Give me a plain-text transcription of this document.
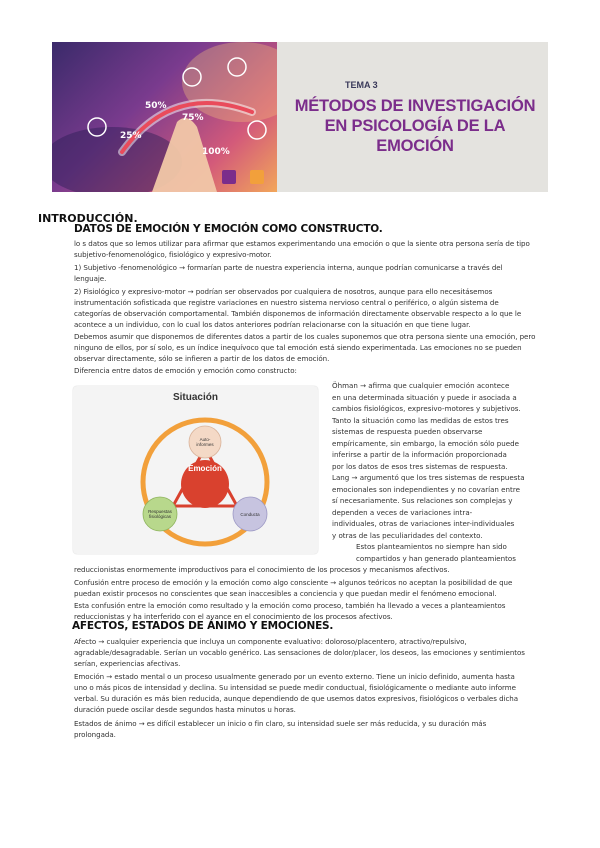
25%
50%
75%
100%
TEMA 3
MÉTODOS DE INVESTIGACIÓN
EN PSICOLOGÍA DE LA
EMOCIÓN
INTRODUCCIÓN.
DATOS DE EMOCIÓN Y EMOCIÓN COMO CONSTRUCTO.
lo s datos que so lemos utilizar para afirmar que estamos experimentando una emoción o que la siente otra persona sería de tipo
subjetivo-fenomenológico, fisiológico y expresivo-motor.
1) Subjetivo -fenomenológico → formarían parte de nuestra experiencia interna, aunque podrían comunicarse a través del
lenguaje.
2) Fisiológico y expresivo-motor → podrían ser observados por cualquiera de nosotros, aunque para ello necesitásemos
instrumentación sofisticada que registre variaciones en nuestro sistema nervioso central o periférico, o algún sistema de
categorías de observación comportamental. También disponemos de información directamente observable respecto a lo que le
acontece a un individuo, con lo cual los datos anteriores podrían relacionarse con la situación en que tiene lugar.
Debemos asumir que disponemos de diferentes datos a partir de los cuales suponemos que otra persona siente una emoción, pero
ninguno de ellos, por sí solo, es un índice inequívoco que tal emoción está siendo experimentada. Las emociones no se pueden
observar directamente, sólo se infieren a partir de los datos de emoción.
Diferencia entre datos de emoción y emoción como constructo:
Situación
Auto-
informes
Respuestas
fisiológicas	Conducta
Emoción
Öhman → afirma que cualquier emoción acontece
en una determinada situación y puede ir asociada a
cambios fisiológicos, expresivo-motores y subjetivos.
Tanto la situación como las medidas de estos tres
sistemas de respuesta pueden observarse
empíricamente, sin embargo, la emoción sólo puede
inferirse a partir de la información proporcionada
por los datos de esos tres sistemas de respuesta.
Lang → argumentó que los tres sistemas de respuesta
emocionales son independientes y no covarían entre
sí necesariamente. Sus relaciones son complejas y
dependen a veces de variaciones intra-
individuales, otras de variaciones inter-individuales
y otras de las peculiaridades del contexto.
Estos planteamientos no siempre han sido
compartidos y han generado planteamientos
reduccionistas enormemente improductivos para el conocimiento de los procesos y mecanismos afectivos.
Confusión entre proceso de emoción y la emoción como algo consciente → algunos teóricos no aceptan la posibilidad de que
puedan existir procesos no conscientes que sean inaccesibles a conciencia y que puedan medir el fenómeno emocional.
Esta confusión entre la emoción como resultado y la emoción como proceso, también ha llevado a veces a planteamientos
reduccionistas y ha interferido con el avance en el conocimiento de los procesos afectivos.
AFECTOS, ESTADOS DE ÁNIMO Y EMOCIONES.
Afecto → cualquier experiencia que incluya un componente evaluativo: doloroso/placentero, atractivo/repulsivo,
agradable/desagradable. Serían un vocablo genérico. Las sensaciones de dolor/placer, los deseos, las emociones y sentimientos
serían, experiencias afectivas.
Emoción → estado mental o un proceso usualmente generado por un evento externo. Tiene un inicio definido, aumenta hasta
uno o más picos de intensidad y declina. Su intensidad se puede medir conductual, fisiológicamente o mediante auto informe
verbal. Su duración es más bien reducida, aunque dependiendo de que usemos datos expresivos, fisiológicos o verbales dicha
duración puede oscilar desde segundos hasta minutos u horas.
Estados de ánimo → es difícil establecer un inicio o fin claro, su intensidad suele ser más reducida, y su duración más
prolongada.
